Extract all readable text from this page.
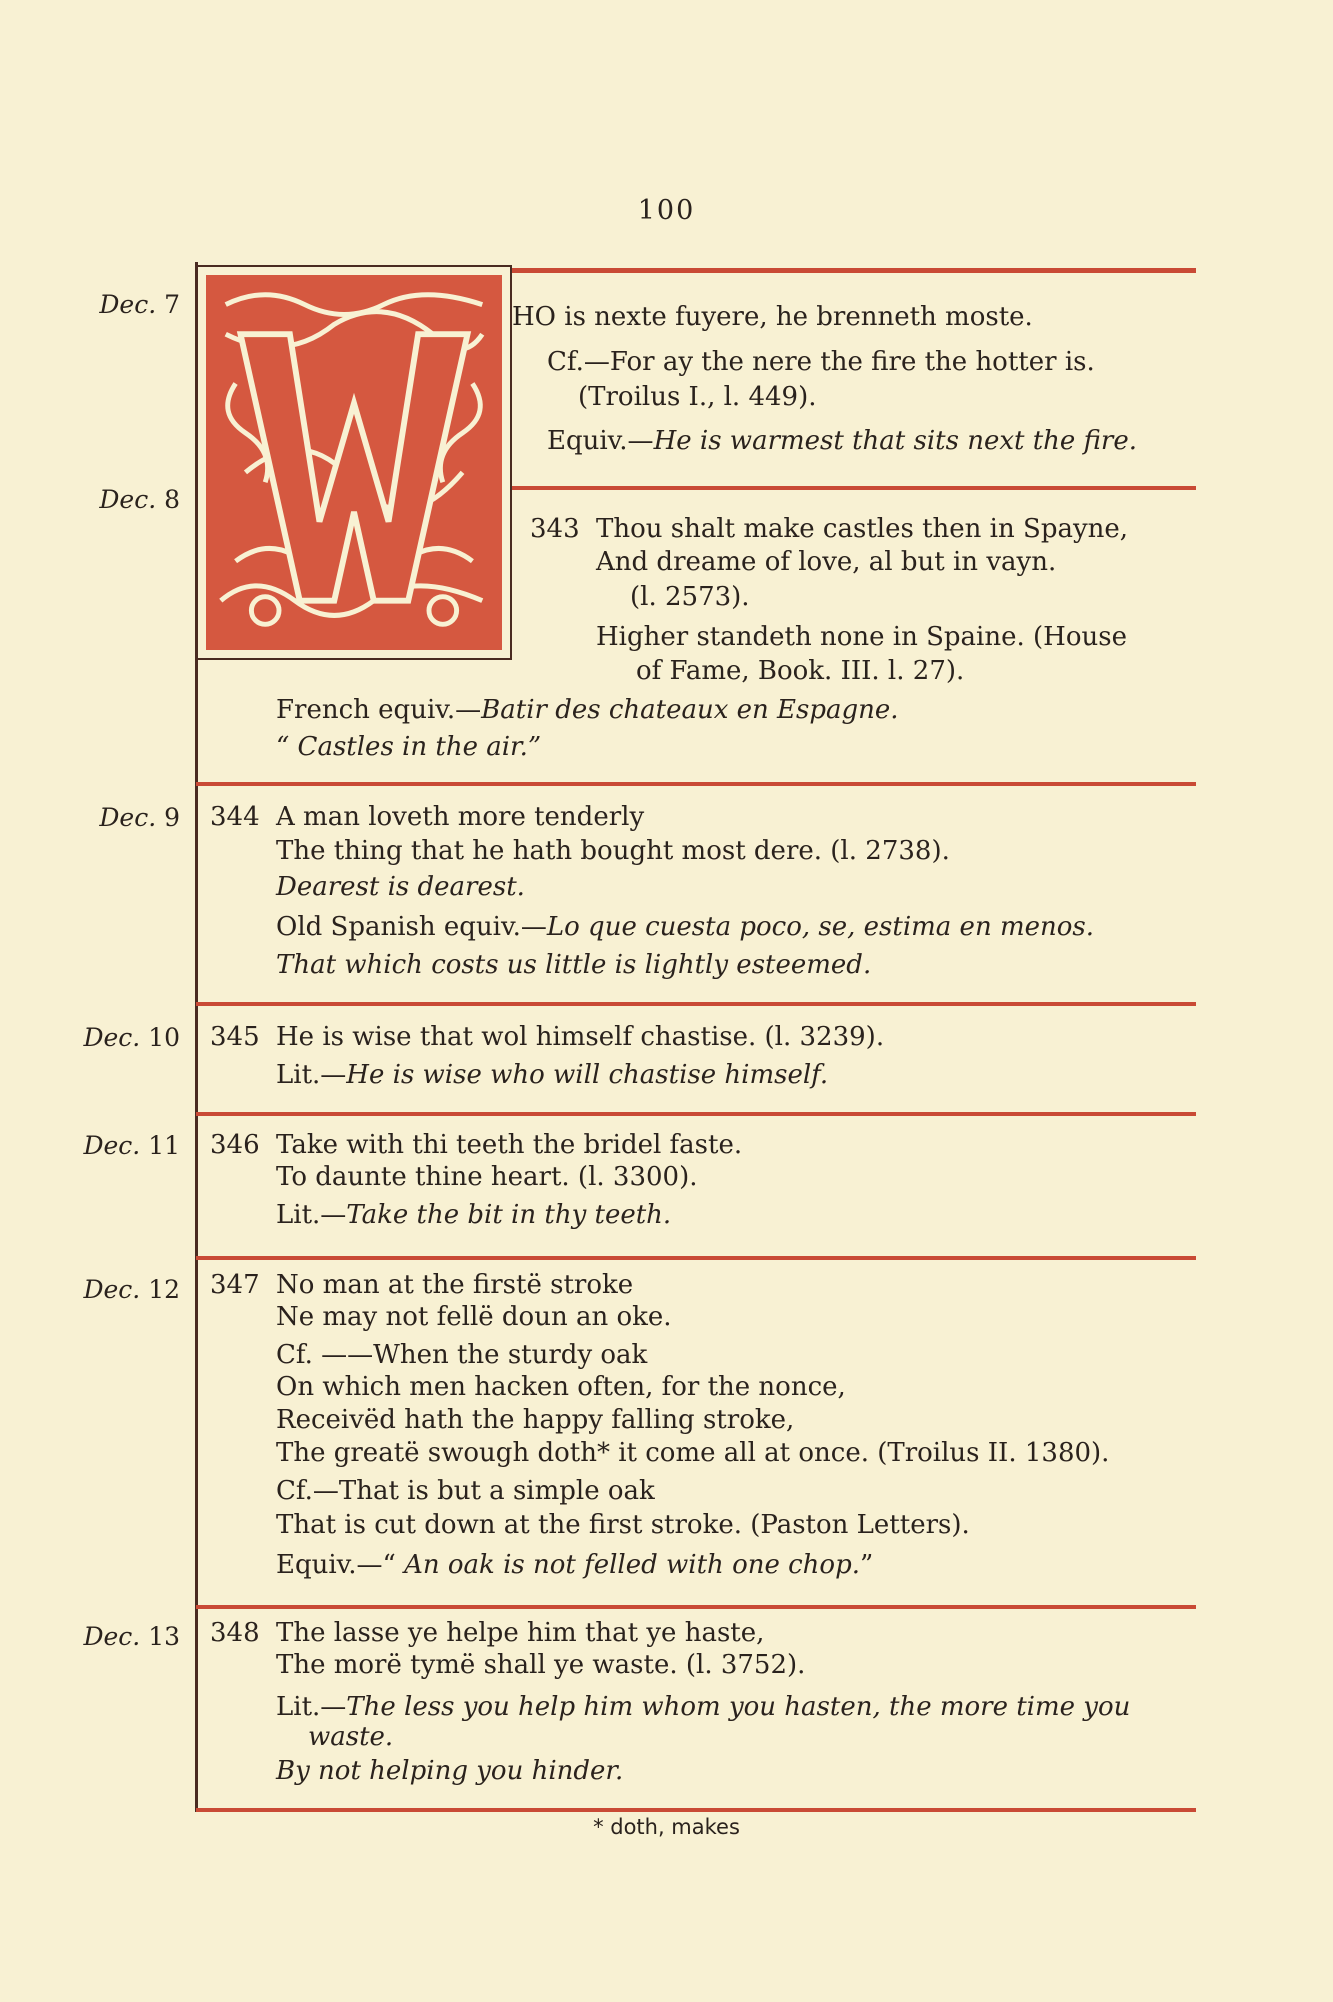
100
Dec. 7
Dec. 8
Dec. 9
Dec. 10
Dec. 11
Dec. 12
Dec. 13
HO is nexte fuyere, he brenneth moste.
Cf.—For ay the nere the fire the hotter is.
(Troilus I., l. 449).
Equiv.—He is warmest that sits next the fire.
343 Thou shalt make castles then in Spayne,
And dreame of love, al but in vayn.
(l. 2573).
Higher standeth none in Spaine. (House
of Fame, Book. III. l. 27).
French equiv.—Batir des chateaux en Espagne.
“ Castles in the air.”
344 A man loveth more tenderly
The thing that he hath bought most dere. (l. 2738).
Dearest is dearest.
Old Spanish equiv.—Lo que cuesta poco, se, estima en menos.
That which costs us little is lightly esteemed.
345 He is wise that wol himself chastise. (l. 3239).
Lit.—He is wise who will chastise himself.
346 Take with thi teeth the bridel faste.
To daunte thine heart. (l. 3300).
Lit.—Take the bit in thy teeth.
347 No man at the firstë stroke
Ne may not fellë doun an oke.
Cf. ——When the sturdy oak
On which men hacken often, for the nonce,
Receivëd hath the happy falling stroke,
The greatë swough doth* it come all at once. (Troilus II. 1380).
Cf.—That is but a simple oak
That is cut down at the first stroke. (Paston Letters).
Equiv.—“ An oak is not felled with one chop.”
348 The lasse ye helpe him that ye haste,
The morë tymë shall ye waste. (l. 3752).
Lit.—The less you help him whom you hasten, the more time you
waste.
By not helping you hinder.
* doth, makes
